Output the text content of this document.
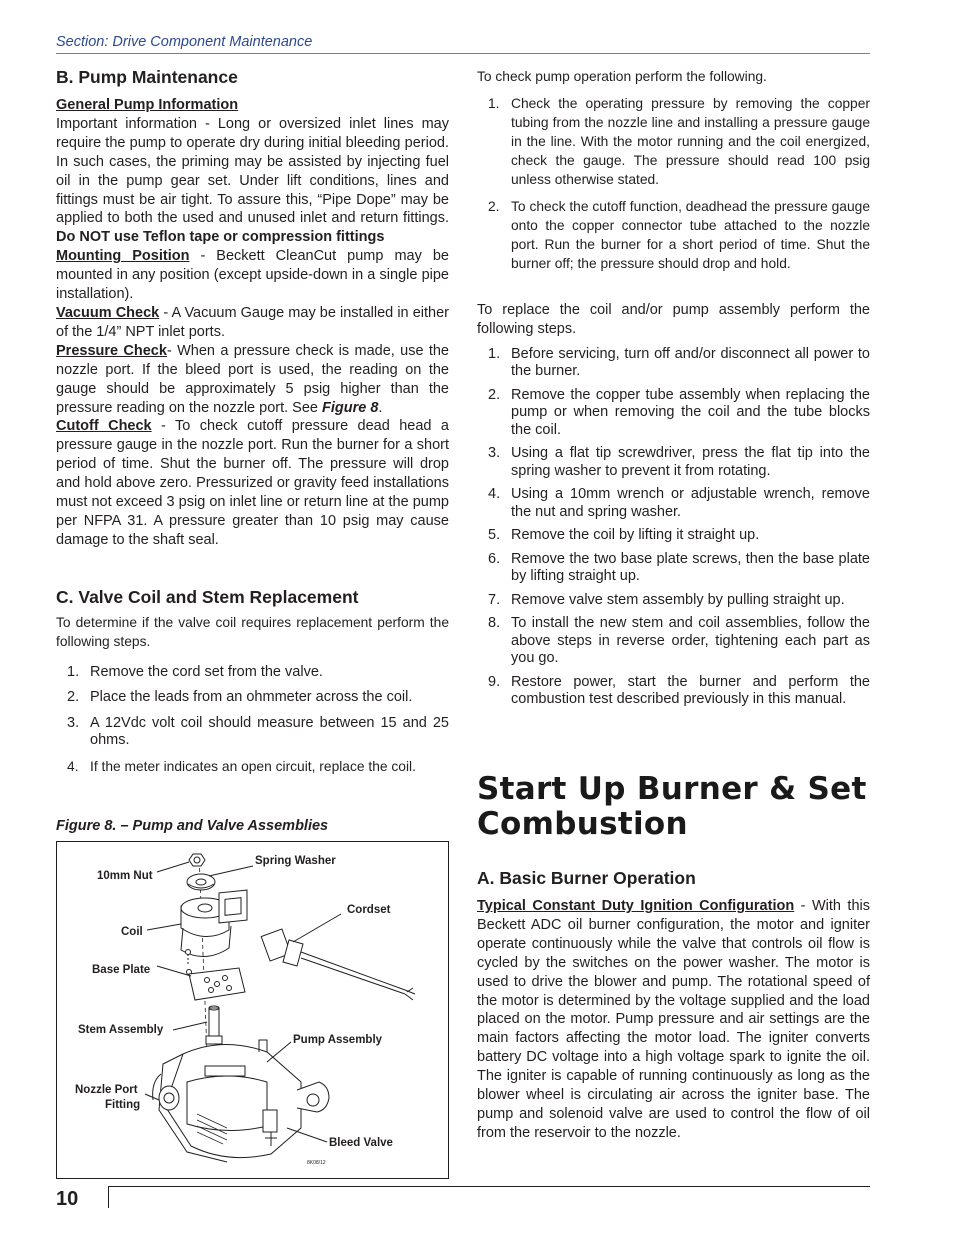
Section: Drive Component Maintenance
B. Pump Maintenance
General Pump Information

Important information - Long or oversized inlet lines may require the pump to operate dry during initial bleeding period. In such cases, the priming may be assisted by injecting fuel oil in the pump gear set. Under lift conditions, lines and fittings must be air tight. To assure this, “Pipe Dope” may be applied to both the used and unused inlet and return fittings. Do NOT use Teflon tape or compression fittings

Mounting Position - Beckett CleanCut pump may be mounted in any position (except upside-down in a single pipe installation).

Vacuum Check - A Vacuum Gauge may be installed in either of the 1/4” NPT inlet ports.

Pressure Check- When a pressure check is made, use the nozzle port. If the bleed port is used, the reading on the gauge should be approximately 5 psig higher than the pressure reading on the nozzle port. See Figure 8.

Cutoff Check - To check cutoff pressure dead head a pressure gauge in the nozzle port. Run the burner for a short period of time. Shut the burner off. The pressure will drop and hold above zero. Pressurized or gravity feed installations must not exceed 3 psig on inlet line or return line at the pump per NFPA 31. A pressure greater than 10 psig may cause damage to the shaft seal.

C. Valve Coil and Stem Replacement

To determine if the valve coil requires replacement perform the following steps.

1. Remove the cord set from the valve.
2. Place the leads from an ohmmeter across the coil.
3. A 12Vdc volt coil should measure between 15 and 25 ohms.
4. If the meter indicates an open circuit, replace the coil.
Figure 8. – Pump and Valve Assemblies
10mm Nut
Spring Washer
Cordset
Coil
Base Plate
Stem Assembly
Pump Assembly
Nozzle Port
Fitting
Bleed Valve
8K08/12

To check pump operation perform the following.

1. Check the operating pressure by removing the copper tubing from the nozzle line and installing a pressure gauge in the line. With the motor running and the coil energized, check the gauge. The pressure should read 100 psig unless otherwise stated.
2. To check the cutoff function, deadhead the pressure gauge onto the copper connector tube attached to the nozzle port. Run the burner for a short period of time. Shut the burner off; the pressure should drop and hold.

To replace the coil and/or pump assembly perform the following steps.

1. Before servicing, turn off and/or disconnect all power to the burner.
2. Remove the copper tube assembly when replacing the pump or when removing the coil and the tube blocks the coil.
3. Using a flat tip screwdriver, press the flat tip into the spring washer to prevent it from rotating.
4. Using a 10mm wrench or adjustable wrench, remove the nut and spring washer.
5. Remove the coil by lifting it straight up.
6. Remove the two base plate screws, then the base plate by lifting straight up.
7. Remove valve stem assembly by pulling straight up.
8. To install the new stem and coil assemblies, follow the above steps in reverse order, tightening each part as you go.
9. Restore power, start the burner and perform the combustion test described previously in this manual.
Start Up Burner & Set
Combustion
A. Basic Burner Operation

Typical Constant Duty Ignition Configuration - With this Beckett ADC oil burner configuration, the motor and igniter operate continuously while the valve that controls oil flow is cycled by the switches on the power washer. The motor is used to drive the blower and pump. The rotational speed of the motor is determined by the voltage supplied and the load placed on the motor. Pump pressure and air settings are the main factors affecting the motor load. The igniter converts battery DC voltage into a high voltage spark to ignite the oil. The igniter is capable of running continuously as long as the blower wheel is circulating air across the igniter base. The pump and solenoid valve are used to control the flow of oil from the reservoir to the nozzle.

10
